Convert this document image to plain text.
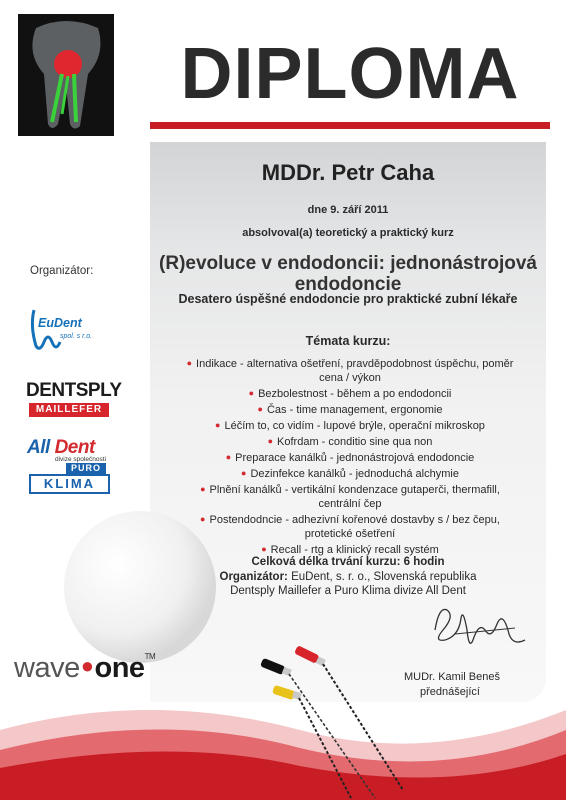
DIPLOMA
MDDr. Petr Caha
dne 9. září 2011
absolvoval(a) teoretický a praktický kurz
(R)evoluce v endodoncii: jednonástrojová
endodoncie
Desatero úspěšné endodoncie pro praktické zubní lékaře
Témata kurzu:
● Indikace - alternativa ošetření, pravděpodobnost úspěchu, poměr cena / výkon
● Bezbolestnost - během a po endodoncii
● Čas - time management, ergonomie
● Léčím to, co vidím - lupové brýle, operační mikroskop
● Kofrdam - conditio sine qua non
● Preparace kanálků - jednonástrojová endodoncie
● Dezinfekce kanálků - jednoduchá alchymie
● Plnění kanálků - vertikální kondenzace gutaperči, thermafill, centrální čep
● Postendodncie - adhezivní kořenové dostavby s / bez čepu, protetické ošetření
● Recall - rtg a klinický recall systém
Celková délka trvání kurzu: 6 hodin
Organizátor: EuDent, s. r. o., Slovenská republika
Dentsply Maillefer a Puro Klima divize All Dent
MUDr. Kamil Beneš
přednášející
Organizátor:
EuDent
spol. s r.o.
DENTSPLY
MAILLEFER
All Dent
divize společnosti
PURO
KLIMA
wave●one™
